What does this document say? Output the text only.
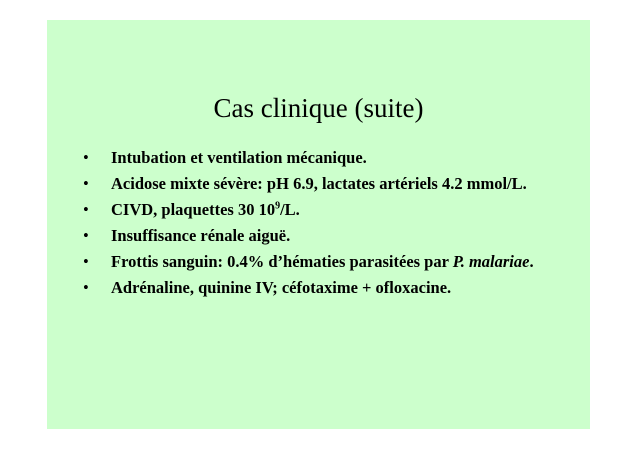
Cas clinique (suite)
• Intubation et ventilation mécanique.
• Acidose mixte sévère: pH 6.9, lactates artériels 4.2 mmol/L.
• CIVD, plaquettes 30 $10^9/L$.
• Insuffisance rénale aiguë.
• Frottis sanguin: 0.4% d’hématies parasitées par P. malariae.
• Adrénaline, quinine IV; céfotaxime + ofloxacine.
